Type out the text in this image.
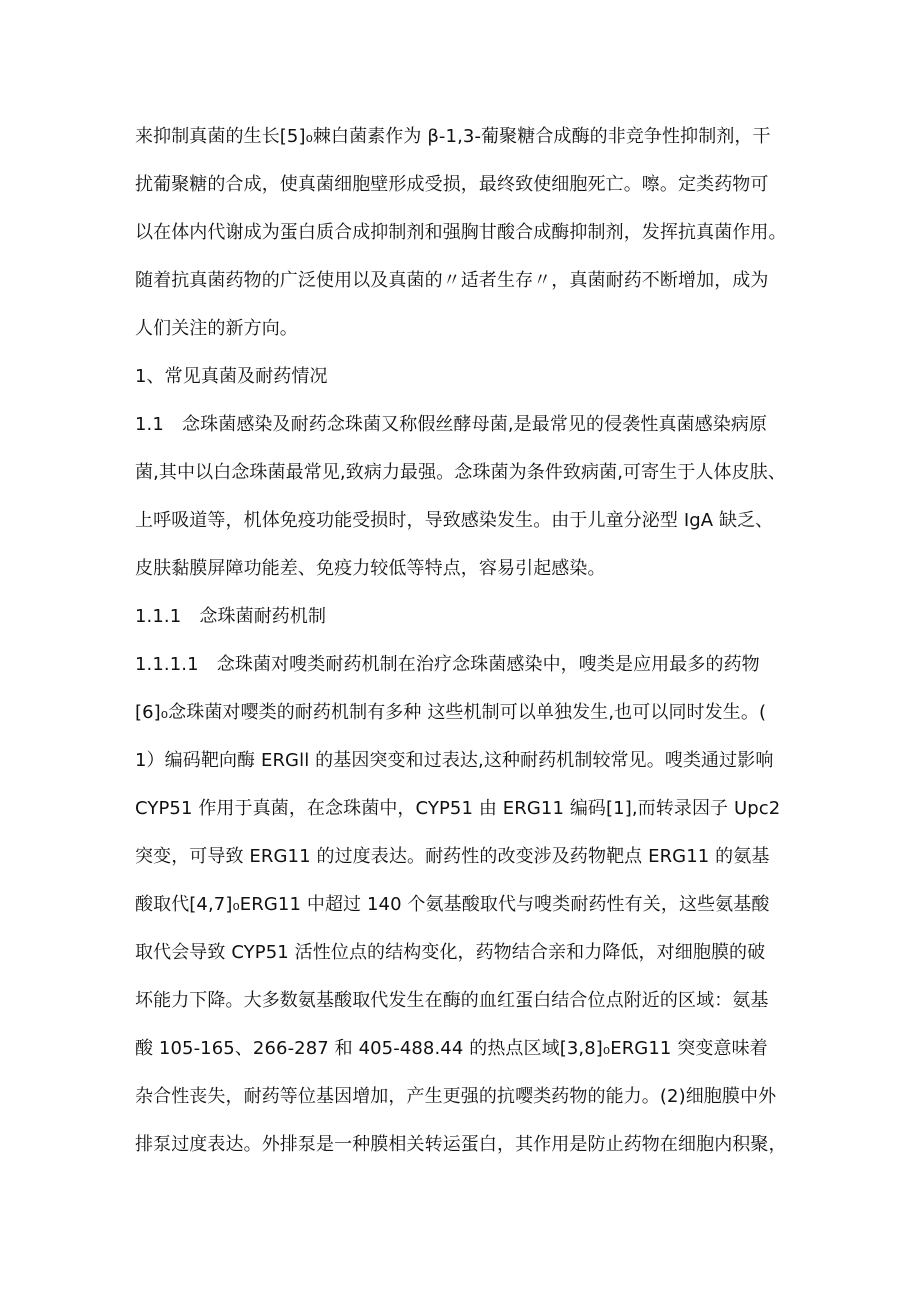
来抑制真菌的生长[5]₀棘白菌素作为 β-1,3-葡聚糖合成酶的非竞争性抑制剂，干
扰葡聚糖的合成，使真菌细胞壁形成受损，最终致使细胞死亡。嚓。定类药物可
以在体内代谢成为蛋白质合成抑制剂和强胸甘酸合成酶抑制剂，发挥抗真菌作用。
随着抗真菌药物的广泛使用以及真菌的〃适者生存〃，真菌耐药不断增加，成为
人们关注的新方向。
1、常见真菌及耐药情况
1.1　念珠菌感染及耐药念珠菌又称假丝酵母菌,是最常见的侵袭性真菌感染病原
菌,其中以白念珠菌最常见,致病力最强。念珠菌为条件致病菌,可寄生于人体皮肤、
上呼吸道等，机体免疫功能受损时，导致感染发生。由于儿童分泌型 IgA 缺乏、
皮肤黏膜屏障功能差、免疫力较低等特点，容易引起感染。
1.1.1　念珠菌耐药机制
1.1.1.1　念珠菌对嗖类耐药机制在治疗念珠菌感染中，嗖类是应用最多的药物
[6]₀念珠菌对嘤类的耐药机制有多种 这些机制可以单独发生,也可以同时发生。(
1）编码靶向酶 ERGll 的基因突变和过表达,这种耐药机制较常见。嗖类通过影响
CYP51 作用于真菌，在念珠菌中，CYP51 由 ERG11 编码[1],而转录因子 Upc2
突变，可导致 ERG11 的过度表达。耐药性的改变涉及药物靶点 ERG11 的氨基
酸取代[4,7]₀ERG11 中超过 140 个氨基酸取代与嗖类耐药性有关，这些氨基酸
取代会导致 CYP51 活性位点的结构变化，药物结合亲和力降低，对细胞膜的破
坏能力下降。大多数氨基酸取代发生在酶的血红蛋白结合位点附近的区域：氨基
酸 105-165、266-287 和 405-488.44 的热点区域[3,8]₀ERG11 突变意味着
杂合性丧失，耐药等位基因增加，产生更强的抗嘤类药物的能力。(2)细胞膜中外
排泵过度表达。外排泵是一种膜相关转运蛋白，其作用是防止药物在细胞内积聚，
